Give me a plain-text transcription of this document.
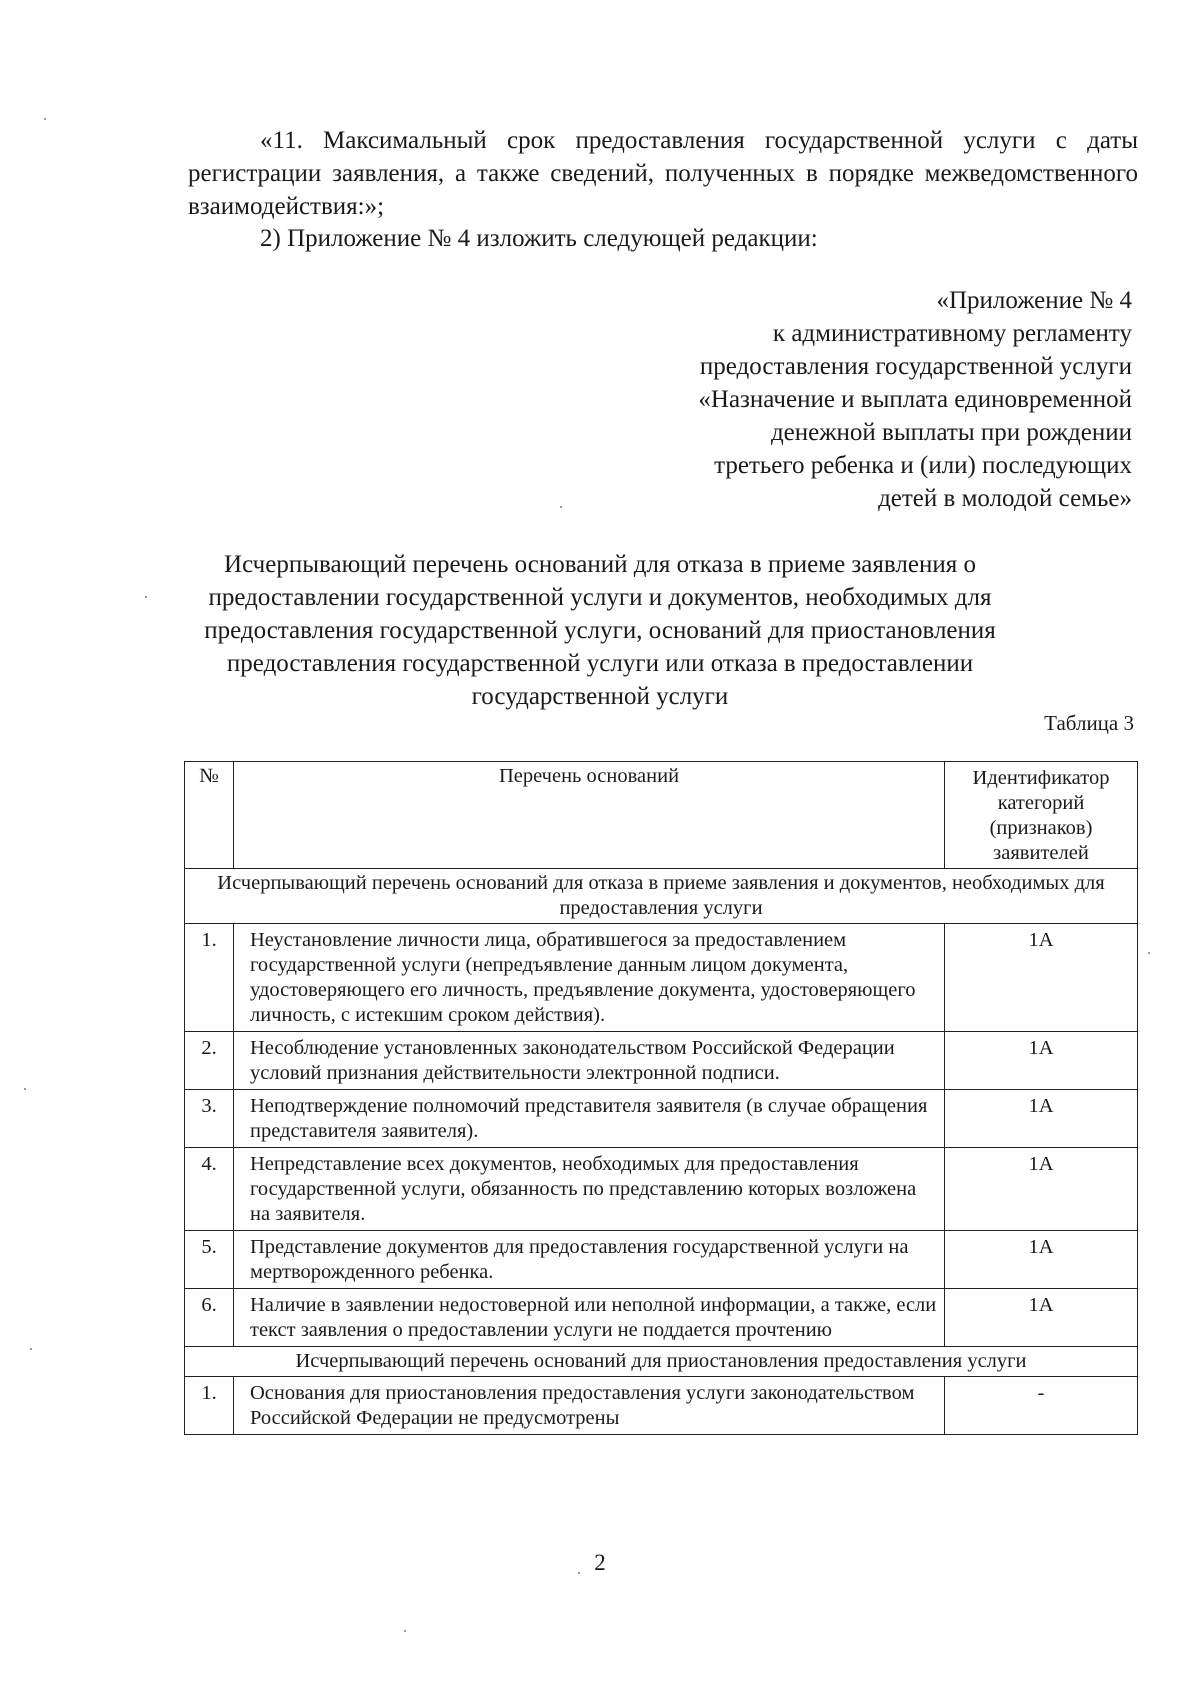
«11. Максимальный срок предоставления государственной услуги с даты регистрации заявления, а также сведений, полученных в порядке межведомственного взаимодействия:»;

2) Приложение № 4 изложить следующей редакции:

«Приложение № 4
к административному регламенту
предоставления государственной услуги
«Назначение и выплата единовременной
денежной выплаты при рождении
третьего ребенка и (или) последующих
детей в молодой семье»

Исчерпывающий перечень оснований для отказа в приеме заявления о предоставлении государственной услуги и документов, необходимых для предоставления государственной услуги, оснований для приостановления предоставления государственной услуги или отказа в предоставлении государственной услуги

Таблица 3
№	Перечень оснований	Идентификатор категорий (признаков) заявителей
Исчерпывающий перечень оснований для отказа в приеме заявления и документов, необходимых для предоставления услуги		
1.	Неустановление личности лица, обратившегося за предоставлением государственной услуги (непредъявление данным лицом документа, удостоверяющего его личность, предъявление документа, удостоверяющего личность, с истекшим сроком действия).	1А
2.	Несоблюдение установленных законодательством Российской Федерации условий признания действительности электронной подписи.	1А
3.	Неподтверждение полномочий представителя заявителя (в случае обращения представителя заявителя).	1А
4.	Непредставление всех документов, необходимых для предоставления государственной услуги, обязанность по представлению которых возложена на заявителя.	1А
5.	Представление документов для предоставления государственной услуги на мертворожденного ребенка.	1А
6.	Наличие в заявлении недостоверной или неполной информации, а также, если текст заявления о предоставлении услуги не поддается прочтению	1А
Исчерпывающий перечень оснований для приостановления предоставления услуги		
1.	Основания для приостановления предоставления услуги законодательством Российской Федерации не предусмотрены	-
2
